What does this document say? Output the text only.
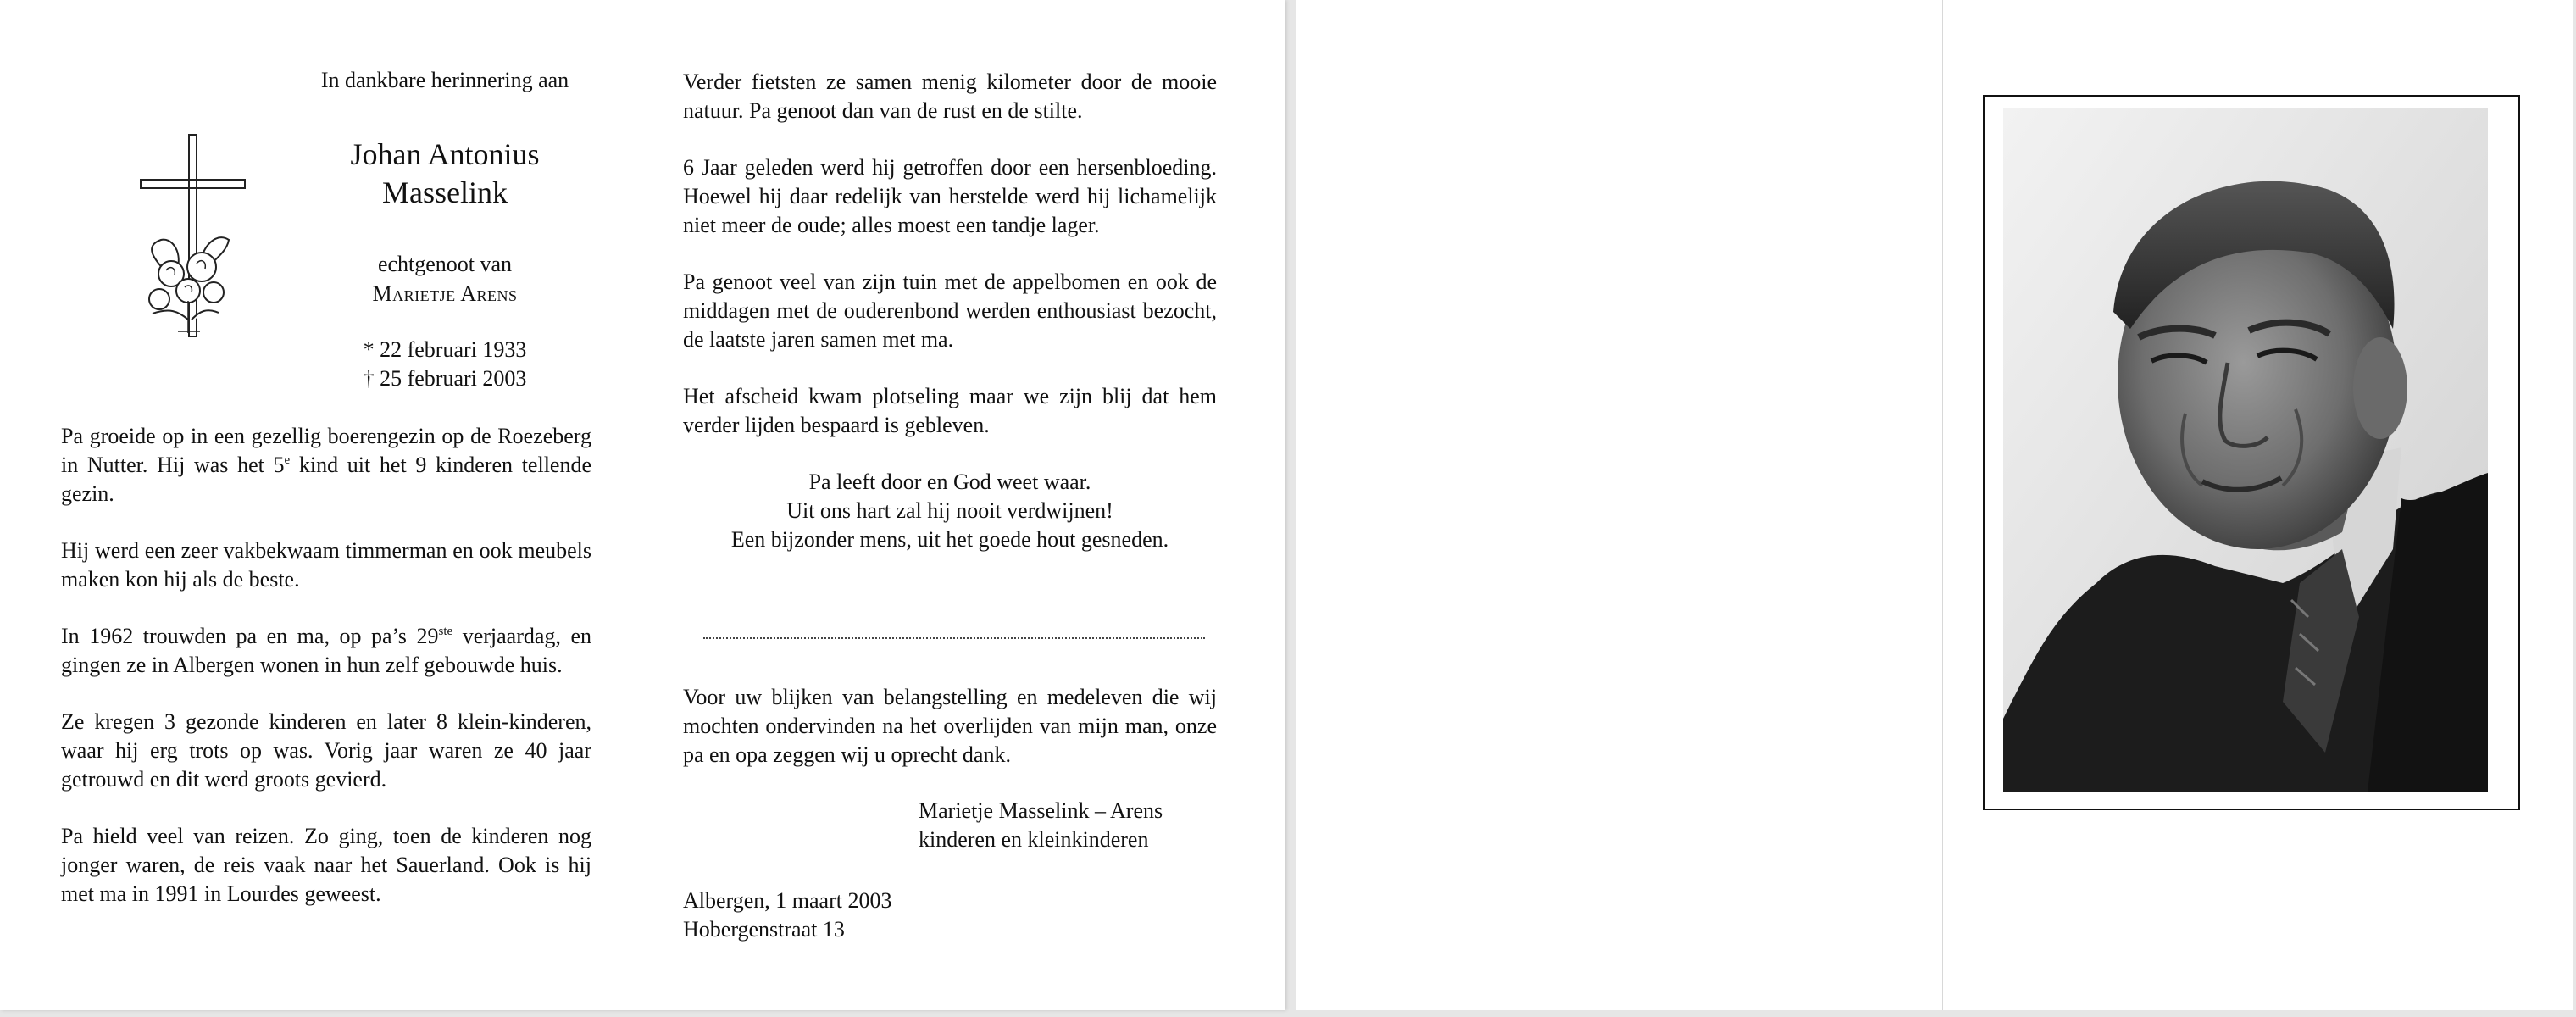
In dankbare herinnering aan
Johan Antonius
Masselink
echtgenoot van
Marietje Arens
* 22 februari 1933
† 25 februari 2003

Pa groeide op in een gezellig boerengezin op de Roezeberg in Nutter. Hij was het 5e kind uit het 9 kinderen tellende gezin.

Hij werd een zeer vakbekwaam timmerman en ook meubels maken kon hij als de beste.

In 1962 trouwden pa en ma, op pa’s 29ste verjaardag, en gingen ze in Albergen wonen in hun zelf gebouwde huis.

Ze kregen 3 gezonde kinderen en later 8 klein-kinderen, waar hij erg trots op was. Vorig jaar waren ze 40 jaar getrouwd en dit werd groots gevierd.

Pa hield veel van reizen. Zo ging, toen de kinderen nog jonger waren, de reis vaak naar het Sauerland. Ook is hij met ma in 1991 in Lourdes geweest.

Verder fietsten ze samen menig kilometer door de mooie natuur. Pa genoot dan van de rust en de stilte.

6 Jaar geleden werd hij getroffen door een hersenbloeding. Hoewel hij daar redelijk van herstelde werd hij lichamelijk niet meer de oude; alles moest een tandje lager.

Pa genoot veel van zijn tuin met de appelbomen en ook de middagen met de ouderenbond werden enthousiast bezocht, de laatste jaren samen met ma.

Het afscheid kwam plotseling maar we zijn blij dat hem verder lijden bespaard is gebleven.

Pa leeft door en God weet waar.
Uit ons hart zal hij nooit verdwijnen!
Een bijzonder mens, uit het goede hout gesneden.

Voor uw blijken van belangstelling en medeleven die wij mochten ondervinden na het overlijden van mijn man, onze pa en opa zeggen wij u oprecht dank.

Marietje Masselink – Arens
kinderen en kleinkinderen
Albergen, 1 maart 2003
Hobergenstraat 13
